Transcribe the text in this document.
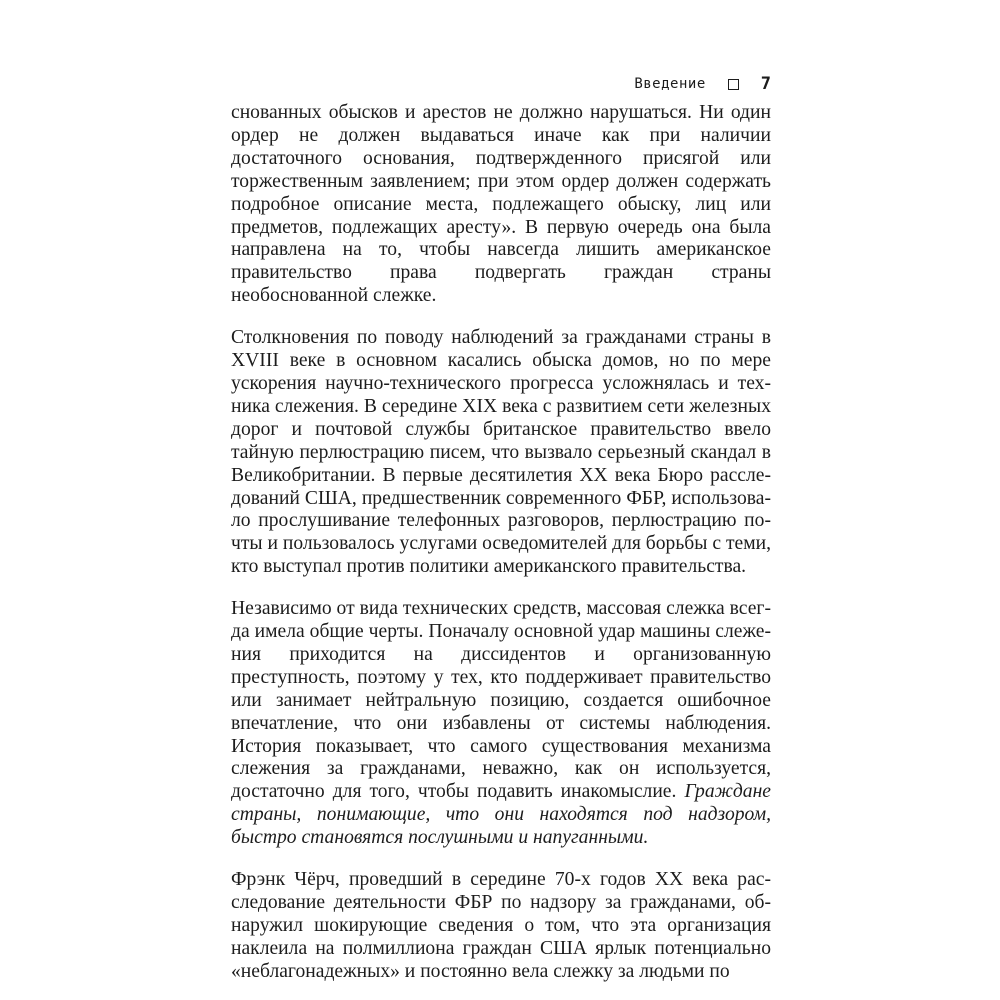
Введение	7

снованных обысков и арестов не должно нарушаться. Ни один ордер не должен выдаваться иначе как при наличии достаточного основания, подтвержденного присягой или торжественным заявлением; при этом ордер должен содержать подробное описание места, подлежащего обыску, лиц или предметов, подлежащих аресту». В первую очередь она была направлена на то, чтобы навсегда лишить американское правительство права подвергать граждан страны необоснованной слежке.

Столкновения по поводу наблюдений за гражданами страны в XVIII веке в основном касались обыска домов, но по мере ускорения научно-технического прогресса усложнялась и техника слежения. В середине XIX века с развитием сети железных дорог и почтовой службы британское правительство ввело тайную перлюстрацию писем, что вызвало серьезный скандал в Великобритании. В первые десятилетия XX века Бюро расследований США, предшественник современного ФБР, использовало прослушивание телефонных разговоров, перлюстрацию почты и пользовалось услугами осведомителей для борьбы с теми, кто выступал против политики американского правительства.

Независимо от вида технических средств, массовая слежка всегда имела общие черты. Поначалу основной удар машины слежения приходится на диссидентов и организованную преступность, поэтому у тех, кто поддерживает правительство или занимает нейтральную позицию, создается ошибочное впечатление, что они избавлены от системы наблюдения. История показывает, что самого существования механизма слежения за гражданами, неважно, как он используется, достаточно для того, чтобы подавить инакомыслие. Граждане страны, понимающие, что они находятся под надзором, быстро становятся послушными и напуганными.

Фрэнк Чёрч, проведший в середине 70-х годов XX века расследование деятельности ФБР по надзору за гражданами, обнаружил шокирующие сведения о том, что эта организация наклеила на полмиллиона граждан США ярлык потенциально «неблагонадежных» и постоянно вела слежку за людьми по
